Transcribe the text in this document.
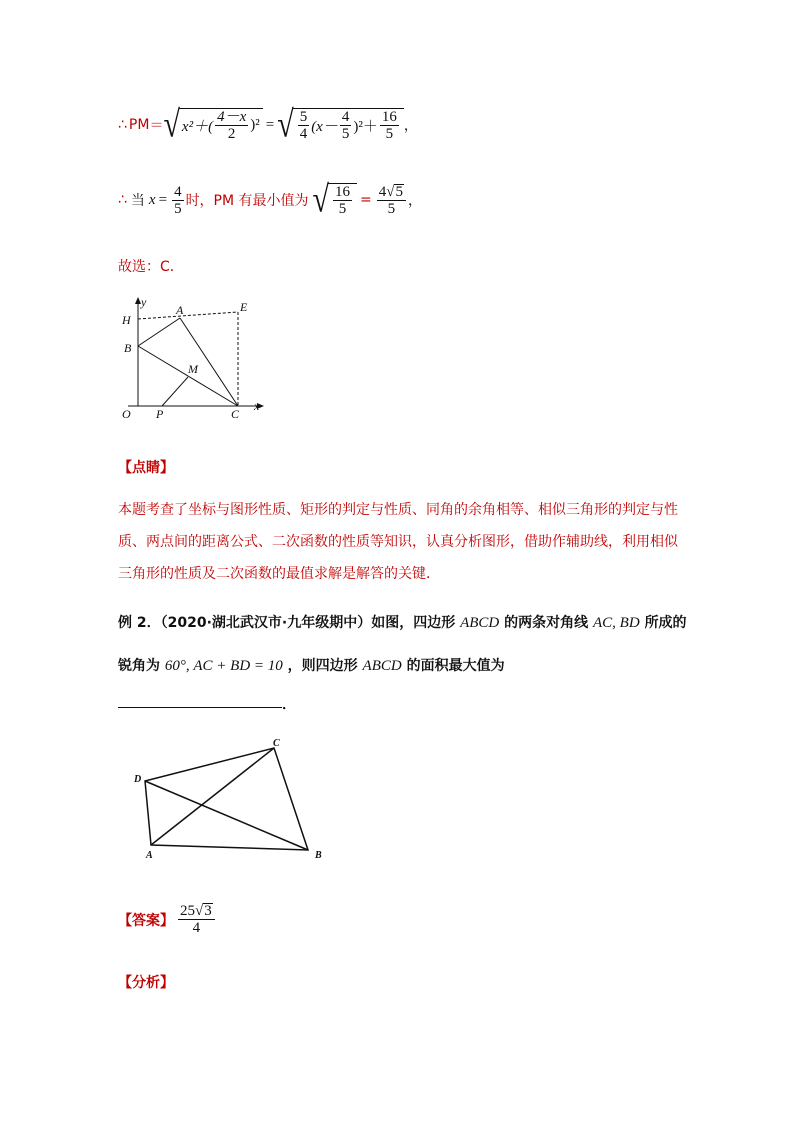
∴ PM ＝ √ $x^2+( \frac{4-x}{2} )^2$ = √ $\frac{5}{4} (x- \frac{4}{5} )^2+ \frac{16}{5}$ ，
∴ 当 $x = \frac{4}{5}$ 时，PM 有最小值为 √ $\frac{16}{5} = \frac{4 √ 5}{5}$ ，
故选：C．
y
x
H
A	E
B
M
O P	C
【点睛】
本题考查了坐标与图形性质、矩形的判定与性质、同角的余角相等、相似三角形的判定与性质、两点间的距离公式、二次函数的性质等知识，认真分析图形，借助作辅助线，利用相似三角形的性质及二次函数的最值求解是解答的关键．
例 2．（2020·湖北武汉市·九年级期中）如图，四边形 ABCD 的两条对角线 AC, BD 所成的
锐角为 60°, AC + BD = 10 ，则四边形 ABCD 的面积最大值为
．
D
C
B
A
【答案】 $\frac{25 √ 3}{4}$
【分析】
